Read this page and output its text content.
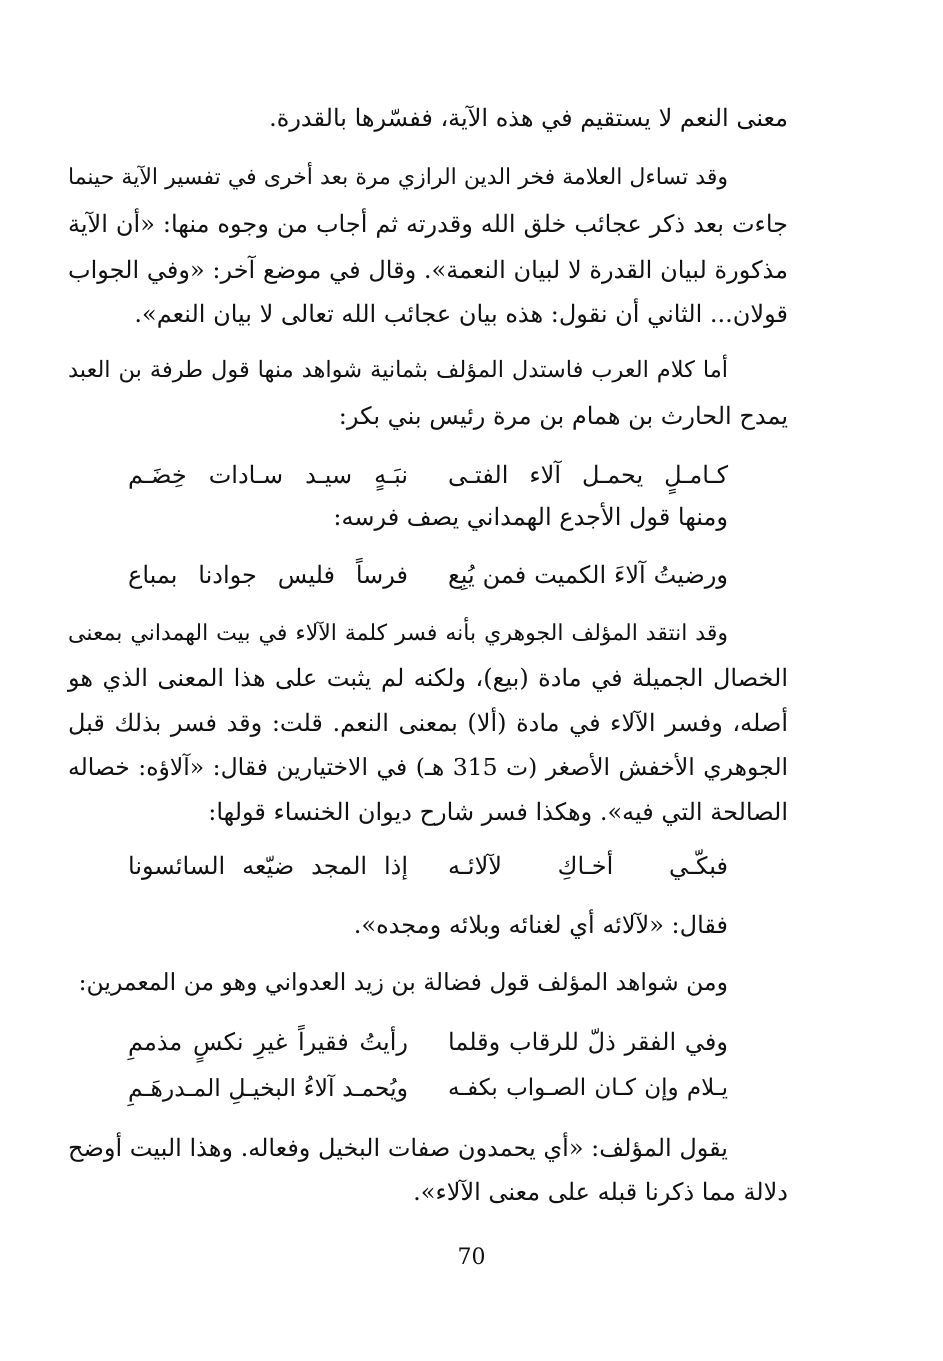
معنى النعم لا يستقيم في هذه الآية، ففسّرها بالقدرة.
وقد تساءل العلامة فخر الدين الرازي مرة بعد أخرى في تفسير الآية حينما
جاءت بعد ذكر عجائب خلق الله وقدرته ثم أجاب من وجوه منها: «أن الآية
مذكورة لبيان القدرة لا لبيان النعمة». وقال في موضع آخر: «وفي الجواب
قولان... الثاني أن نقول: هذه بيان عجائب الله تعالى لا بيان النعم».
أما كلام العرب فاستدل المؤلف بثمانية شواهد منها قول طرفة بن العبد
يمدح الحارث بن همام بن مرة رئيس بني بكر:
كـامـلٍ يحمـل آلاء الفتـى
نبَـهٍ سيـد سـادات خِضَـم
ومنها قول الأجدع الهمداني يصف فرسه:
ورضيتُ آلاءَ الكميت فمن يُبِع
فرساً فليس جوادنا بمباع
وقد انتقد المؤلف الجوهري بأنه فسر كلمة الآلاء في بيت الهمداني بمعنى
الخصال الجميلة في مادة (بيع)، ولكنه لم يثبت على هذا المعنى الذي هو
أصله، وفسر الآلاء في مادة (ألا) بمعنى النعم. قلت: وقد فسر بذلك قبل
الجوهري الأخفش الأصغر (ت 315 هـ) في الاختيارين فقال: «آلاؤه: خصاله
الصالحة التي فيه». وهكذا فسر شارح ديوان الخنساء قولها:
فبكّـي أخـاكِ لآلائـه
إذا المجد ضيّعه السائسونا
فقال: «لآلائه أي لغنائه وبلائه ومجده».
ومن شواهد المؤلف قول فضالة بن زيد العدواني وهو من المعمرين:
وفي الفقر ذلّ للرقاب وقلما
رأيتُ فقيراً غيرِ نكسٍ مذممِ
يـلام وإن كـان الصـواب بكفـه
ويُحمـد آلاءُ البخيـلِ المـدرهَـمِ
يقول المؤلف: «أي يحمدون صفات البخيل وفعاله. وهذا البيت أوضح
دلالة مما ذكرنا قبله على معنى الآلاء».
70
